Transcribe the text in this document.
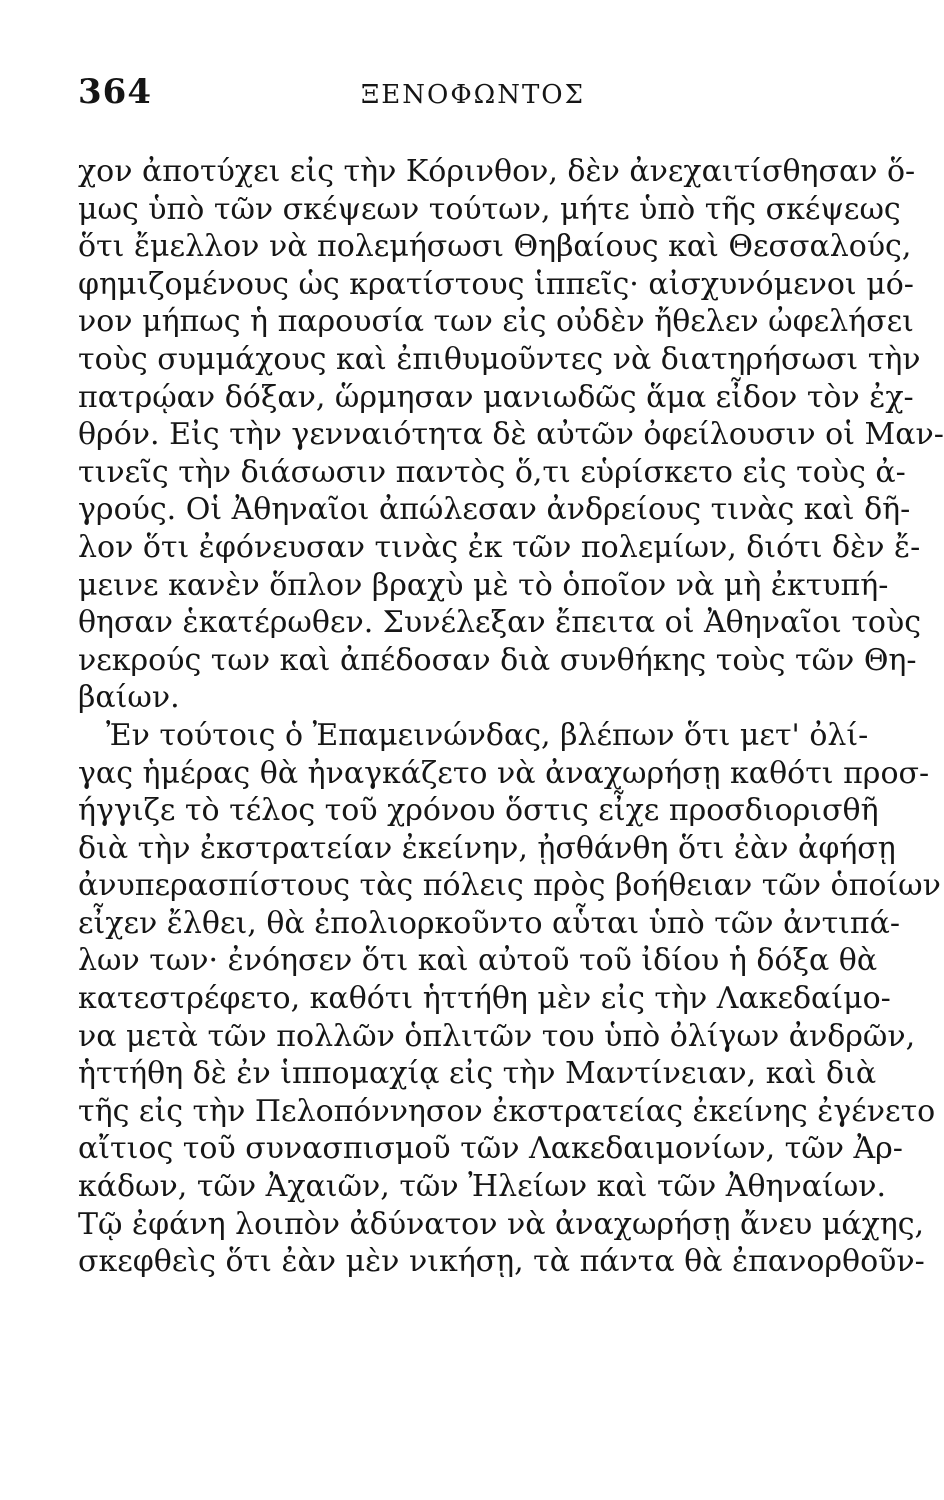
364	ΞΕΝΟΦΩΝΤΟΣ
χον ἀποτύχει εἰς τὴν Κόρινθον, δὲν ἀνεχαιτίσθησαν ὅ-
μως ὑπὸ τῶν σκέψεων τούτων, μήτε ὑπὸ τῆς σκέψεως
ὅτι ἔμελλον νὰ πολεμήσωσι Θηβαίους καὶ Θεσσαλούς,
φημιζομένους ὡς κρατίστους ἱππεῖς· αἰσχυνόμενοι μό-
νον μήπως ἡ παρουσία των εἰς οὐδὲν ἤθελεν ὠφελήσει
τοὺς συμμάχους καὶ ἐπιθυμοῦντες νὰ διατηρήσωσι τὴν
πατρῴαν δόξαν, ὥρμησαν μανιωδῶς ἅμα εἶδον τὸν ἐχ-
θρόν. Εἰς τὴν γενναιότητα δὲ αὐτῶν ὀφείλουσιν οἱ Μαν-
τινεῖς τὴν διάσωσιν παντὸς ὅ,τι εὑρίσκετο εἰς τοὺς ἀ-
γρούς. Οἱ Ἀθηναῖοι ἀπώλεσαν ἀνδρείους τινὰς καὶ δῆ-
λον ὅτι ἐφόνευσαν τινὰς ἐκ τῶν πολεμίων, διότι δὲν ἔ-
μεινε κανὲν ὅπλον βραχὺ μὲ τὸ ὁποῖον νὰ μὴ ἐκτυπή-
θησαν ἑκατέρωθεν. Συνέλεξαν ἔπειτα οἱ Ἀθηναῖοι τοὺς
νεκρούς των καὶ ἀπέδοσαν διὰ συνθήκης τοὺς τῶν Θη-
βαίων.
Ἐν τούτοις ὁ Ἐπαμεινώνδας, βλέπων ὅτι μετ' ὀλί-
γας ἡμέρας θὰ ἠναγκάζετο νὰ ἀναχωρήσῃ καθότι προσ-
ήγγιζε τὸ τέλος τοῦ χρόνου ὅστις εἶχε προσδιορισθῆ
διὰ τὴν ἐκστρατείαν ἐκείνην, ᾐσθάνθη ὅτι ἐὰν ἀφήσῃ
ἀνυπερασπίστους τὰς πόλεις πρὸς βοήθειαν τῶν ὁποίων
εἶχεν ἔλθει, θὰ ἐπολιορκοῦντο αὗται ὑπὸ τῶν ἀντιπά-
λων των· ἐνόησεν ὅτι καὶ αὐτοῦ τοῦ ἰδίου ἡ δόξα θὰ
κατεστρέφετο, καθότι ἡττήθη μὲν εἰς τὴν Λακεδαίμο-
να μετὰ τῶν πολλῶν ὁπλιτῶν του ὑπὸ ὀλίγων ἀνδρῶν,
ἡττήθη δὲ ἐν ἱππομαχίᾳ εἰς τὴν Μαντίνειαν, καὶ διὰ
τῆς εἰς τὴν Πελοπόννησον ἐκστρατείας ἐκείνης ἐγένετο
αἴτιος τοῦ συνασπισμοῦ τῶν Λακεδαιμονίων, τῶν Ἀρ-
κάδων, τῶν Ἀχαιῶν, τῶν Ἠλείων καὶ τῶν Ἀθηναίων.
Τῷ ἐφάνη λοιπὸν ἀδύνατον νὰ ἀναχωρήσῃ ἄνευ μάχης,
σκεφθεὶς ὅτι ἐὰν μὲν νικήσῃ, τὰ πάντα θὰ ἐπανορθοῦν-
